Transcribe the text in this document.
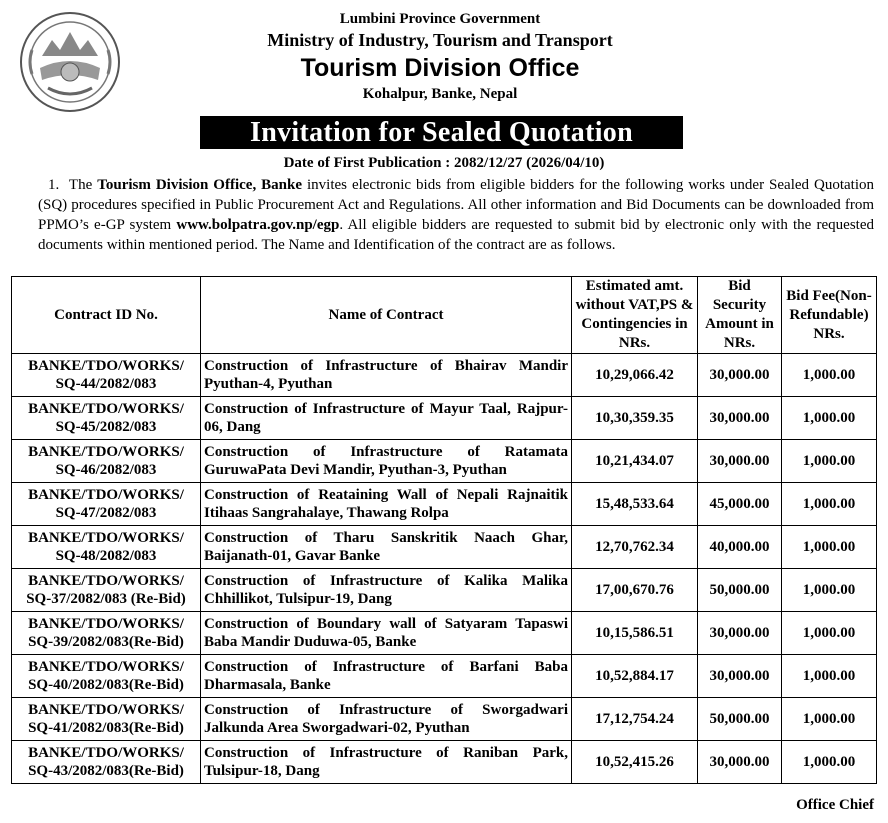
Lumbini Province Government
Ministry of Industry, Tourism and Transport
Tourism Division Office
Kohalpur, Banke, Nepal
Invitation for Sealed Quotation
Date of First Publication : 2082/12/27 (2026/04/10)
1. The Tourism Division Office, Banke invites electronic bids from eligible bidders for the following works under Sealed Quotation (SQ) procedures specified in Public Procurement Act and Regulations. All other information and Bid Documents can be downloaded from PPMO’s e-GP system www.bolpatra.gov.np/egp. All eligible bidders are requested to submit bid by electronic only with the requested documents within mentioned period. The Name and Identification of the contract are as follows.
Contract ID No.	Name of Contract	Estimated amt. without VAT,PS & Contingencies in NRs.	Bid Security Amount in NRs.	Bid Fee(Non-Refundable) NRs.
BANKE/TDO/WORKS/ SQ-44/2082/083	Construction of Infrastructure of Bhairav Mandir Pyuthan-4, Pyuthan	10,29,066.42	30,000.00	1,000.00
BANKE/TDO/WORKS/ SQ-45/2082/083	Construction of Infrastructure of Mayur Taal, Rajpur-06, Dang	10,30,359.35	30,000.00	1,000.00
BANKE/TDO/WORKS/ SQ-46/2082/083	Construction of Infrastructure of Ratamata GuruwaPata Devi Mandir, Pyuthan-3, Pyuthan	10,21,434.07	30,000.00	1,000.00
BANKE/TDO/WORKS/ SQ-47/2082/083	Construction of Reataining Wall of Nepali Rajnaitik Itihaas Sangrahalaye, Thawang Rolpa	15,48,533.64	45,000.00	1,000.00
BANKE/TDO/WORKS/ SQ-48/2082/083	Construction of Tharu Sanskritik Naach Ghar, Baijanath-01, Gavar Banke	12,70,762.34	40,000.00	1,000.00
BANKE/TDO/WORKS/ SQ-37/2082/083 (Re-Bid)	Construction of Infrastructure of Kalika Malika Chhillikot, Tulsipur-19, Dang	17,00,670.76	50,000.00	1,000.00
BANKE/TDO/WORKS/ SQ-39/2082/083(Re-Bid)	Construction of Boundary wall of Satyaram Tapaswi Baba Mandir Duduwa-05, Banke	10,15,586.51	30,000.00	1,000.00
BANKE/TDO/WORKS/ SQ-40/2082/083(Re-Bid)	Construction of Infrastructure of Barfani Baba Dharmasala, Banke	10,52,884.17	30,000.00	1,000.00
BANKE/TDO/WORKS/ SQ-41/2082/083(Re-Bid)	Construction of Infrastructure of Sworgadwari Jalkunda Area Sworgadwari-02, Pyuthan	17,12,754.24	50,000.00	1,000.00
BANKE/TDO/WORKS/ SQ-43/2082/083(Re-Bid)	Construction of Infrastructure of Raniban Park, Tulsipur-18, Dang	10,52,415.26	30,000.00	1,000.00
Office Chief
